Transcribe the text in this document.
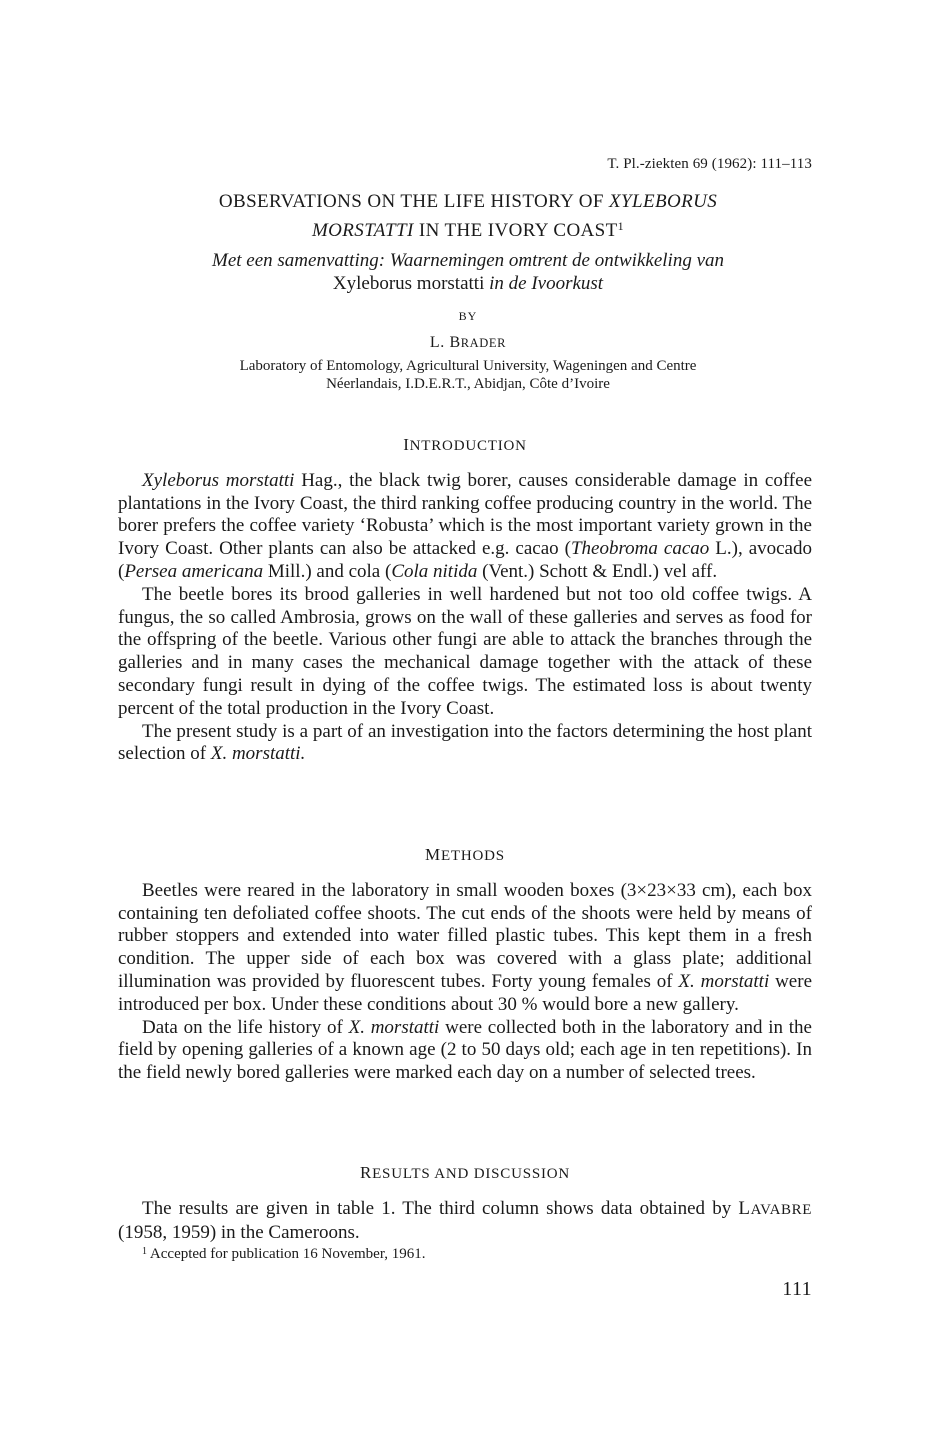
T. Pl.-ziekten 69 (1962): 111–113
OBSERVATIONS ON THE LIFE HISTORY OF XYLEBORUS
MORSTATTI IN THE IVORY COAST$^1$
Met een samenvatting: Waarnemingen omtrent de ontwikkeling van
Xyleborus morstatti in de Ivoorkust
BY
L. BRADER
Laboratory of Entomology, Agricultural University, Wageningen and Centre
Néerlandais, I.D.E.R.T., Abidjan, Côte d’Ivoire
INTRODUCTION

Xyleborus morstatti Hag., the black twig borer, causes considerable damage in coffee plantations in the Ivory Coast, the third ranking coffee producing country in the world. The borer prefers the coffee variety ‘Robusta’ which is the most important variety grown in the Ivory Coast. Other plants can also be attacked e.g. cacao (Theobroma cacao L.), avocado (Persea americana Mill.) and cola (Cola nitida (Vent.) Schott & Endl.) vel aff.

The beetle bores its brood galleries in well hardened but not too old coffee twigs. A fungus, the so called Ambrosia, grows on the wall of these galleries and serves as food for the offspring of the beetle. Various other fungi are able to attack the branches through the galleries and in many cases the mechanical damage together with the attack of these secondary fungi result in dying of the coffee twigs. The estimated loss is about twenty percent of the total production in the Ivory Coast.

The present study is a part of an investigation into the factors determining the host plant selection of X. morstatti.

METHODS

Beetles were reared in the laboratory in small wooden boxes (3×23×33 cm), each box containing ten defoliated coffee shoots. The cut ends of the shoots were held by means of rubber stoppers and extended into water filled plastic tubes. This kept them in a fresh condition. The upper side of each box was covered with a glass plate; additional illumination was provided by fluorescent tubes. Forty young females of X. morstatti were introduced per box. Under these conditions about 30 % would bore a new gallery.

Data on the life history of X. morstatti were collected both in the laboratory and in the field by opening galleries of a known age (2 to 50 days old; each age in ten repetitions). In the field newly bored galleries were marked each day on a number of selected trees.

RESULTS AND DISCUSSION

The results are given in table 1. The third column shows data obtained by LAVABRE (1958, 1959) in the Cameroons.

$^1$ Accepted for publication 16 November, 1961.
111
